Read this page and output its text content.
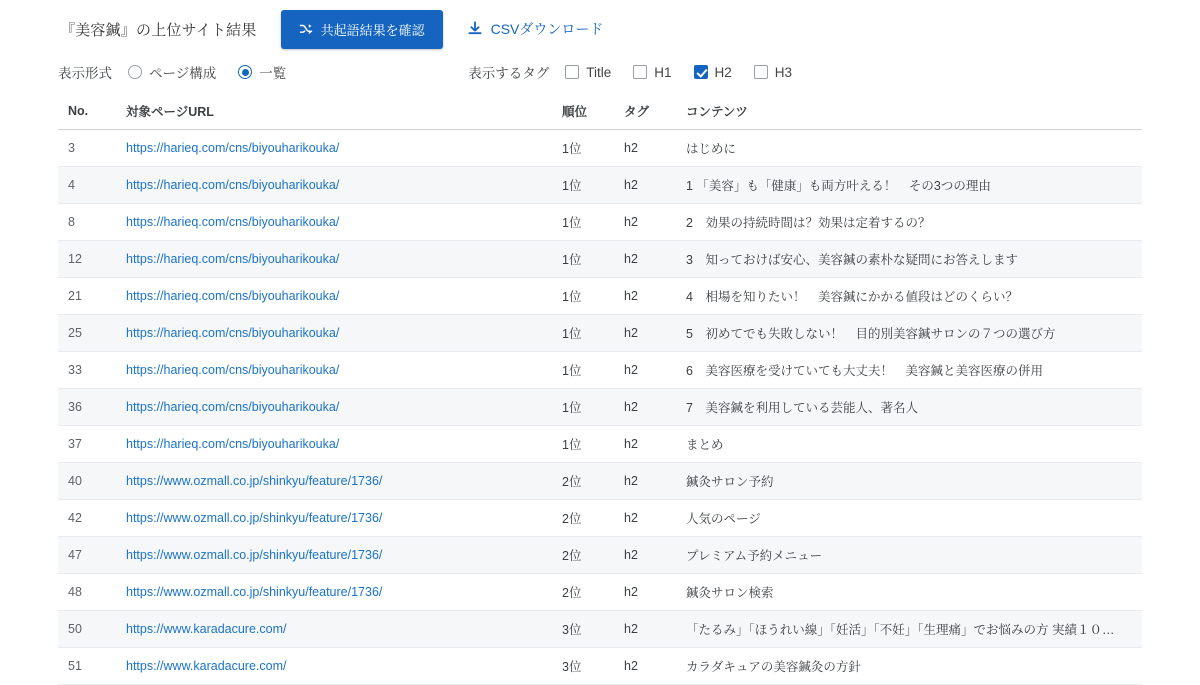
『美容鍼』の上位サイト結果	共起語結果を確認	CSVダウンロード
表示形式	ページ構成	一覧	表示するタグ	Title	H1	H2	H3
No.	対象ページURL	順位	タグ	コンテンツ
3	https://harieq.com/cns/biyouharikouka/	1位	h2	はじめに
4	https://harieq.com/cns/biyouharikouka/	1位	h2	1 「美容」も「健康」も両方叶える！　その3つの理由
8	https://harieq.com/cns/biyouharikouka/	1位	h2	2　効果の持続時間は？効果は定着するの？
12	https://harieq.com/cns/biyouharikouka/	1位	h2	3　知っておけば安心、美容鍼の素朴な疑問にお答えします
21	https://harieq.com/cns/biyouharikouka/	1位	h2	4　相場を知りたい！　美容鍼にかかる値段はどのくらい？
25	https://harieq.com/cns/biyouharikouka/	1位	h2	5　初めてでも失敗しない！　目的別美容鍼サロンの７つの選び方
33	https://harieq.com/cns/biyouharikouka/	1位	h2	6　美容医療を受けていても大丈夫！　美容鍼と美容医療の併用
36	https://harieq.com/cns/biyouharikouka/	1位	h2	7　美容鍼を利用している芸能人、著名人
37	https://harieq.com/cns/biyouharikouka/	1位	h2	まとめ
40	https://www.ozmall.co.jp/shinkyu/feature/1736/	2位	h2	鍼灸サロン予約
42	https://www.ozmall.co.jp/shinkyu/feature/1736/	2位	h2	人気のページ
47	https://www.ozmall.co.jp/shinkyu/feature/1736/	2位	h2	プレミアム予約メニュー
48	https://www.ozmall.co.jp/shinkyu/feature/1736/	2位	h2	鍼灸サロン検索
50	https://www.karadacure.com/	3位	h2	「たるみ」「ほうれい線」「妊活」「不妊」「生理痛」でお悩みの方 実績１０…
51	https://www.karadacure.com/	3位	h2	カラダキュアの美容鍼灸の方針
